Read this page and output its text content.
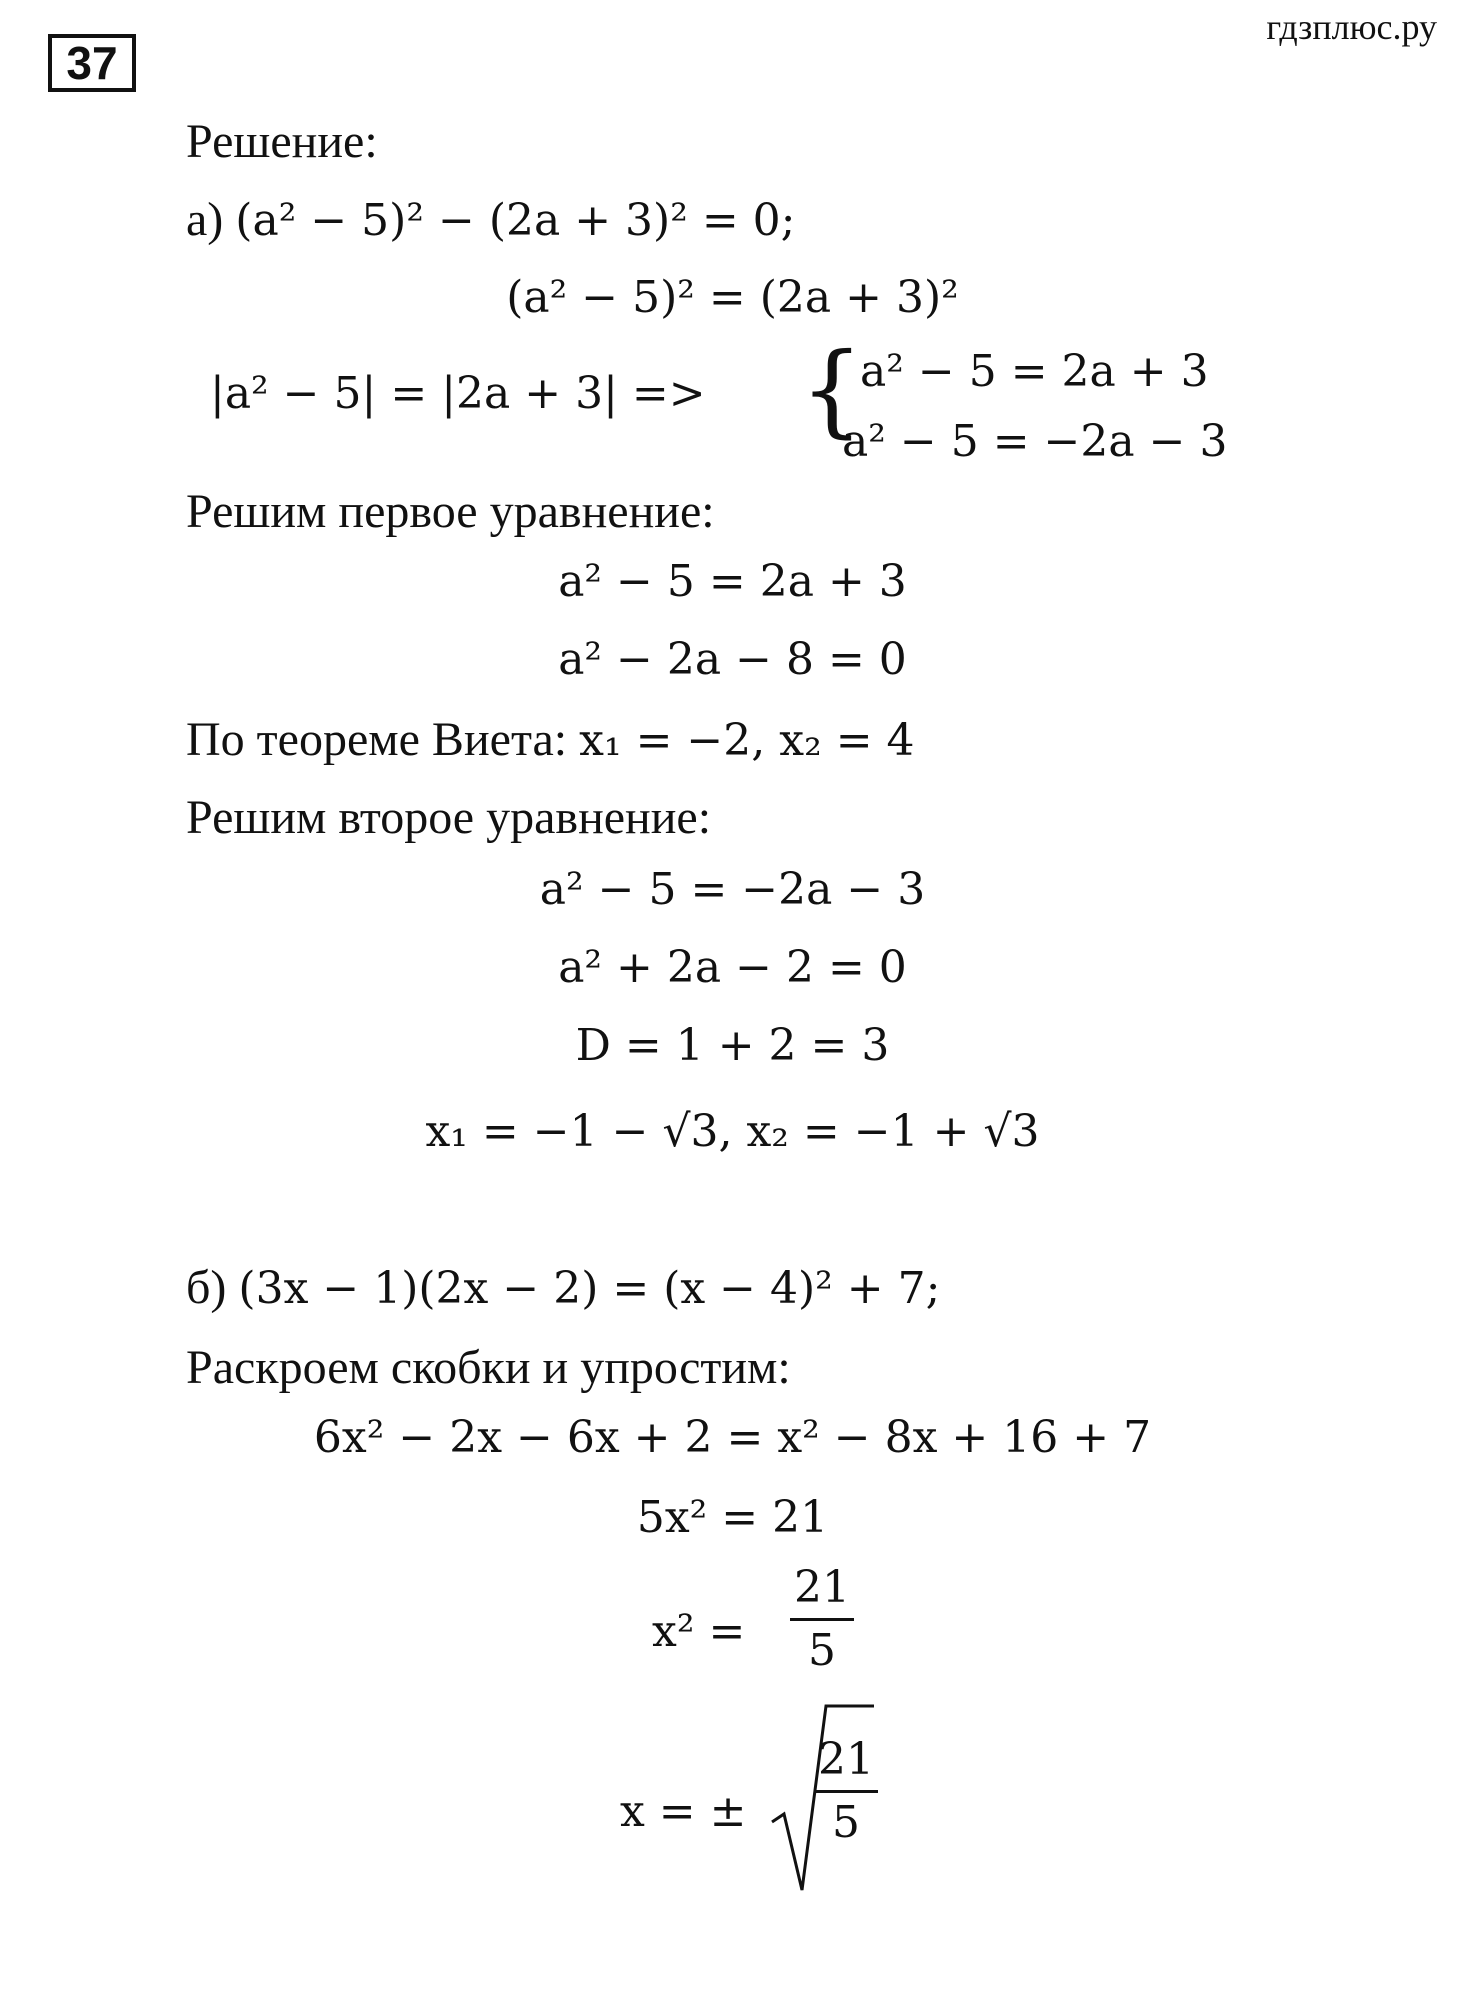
37
гдзплюс.ру
Решение:
а) (a² − 5)² − (2a + 3)² = 0;
(a² − 5)² = (2a + 3)²
|a² − 5| = |2a + 3| => {
a² − 5 = 2a + 3
a² − 5 = −2a − 3
Решим первое уравнение:
a² − 5 = 2a + 3
a² − 2a − 8 = 0
По теореме Виета: x₁ = −2, x₂ = 4
Решим второе уравнение:
a² − 5 = −2a − 3
a² + 2a − 2 = 0
D = 1 + 2 = 3
x₁ = −1 − √3, x₂ = −1 + √3
б) (3x − 1)(2x − 2) = (x − 4)² + 7;
Раскроем скобки и упростим:
6x² − 2x − 6x + 2 = x² − 8x + 16 + 7
5x² = 21
x² =
21
5
x = ±
21
5
